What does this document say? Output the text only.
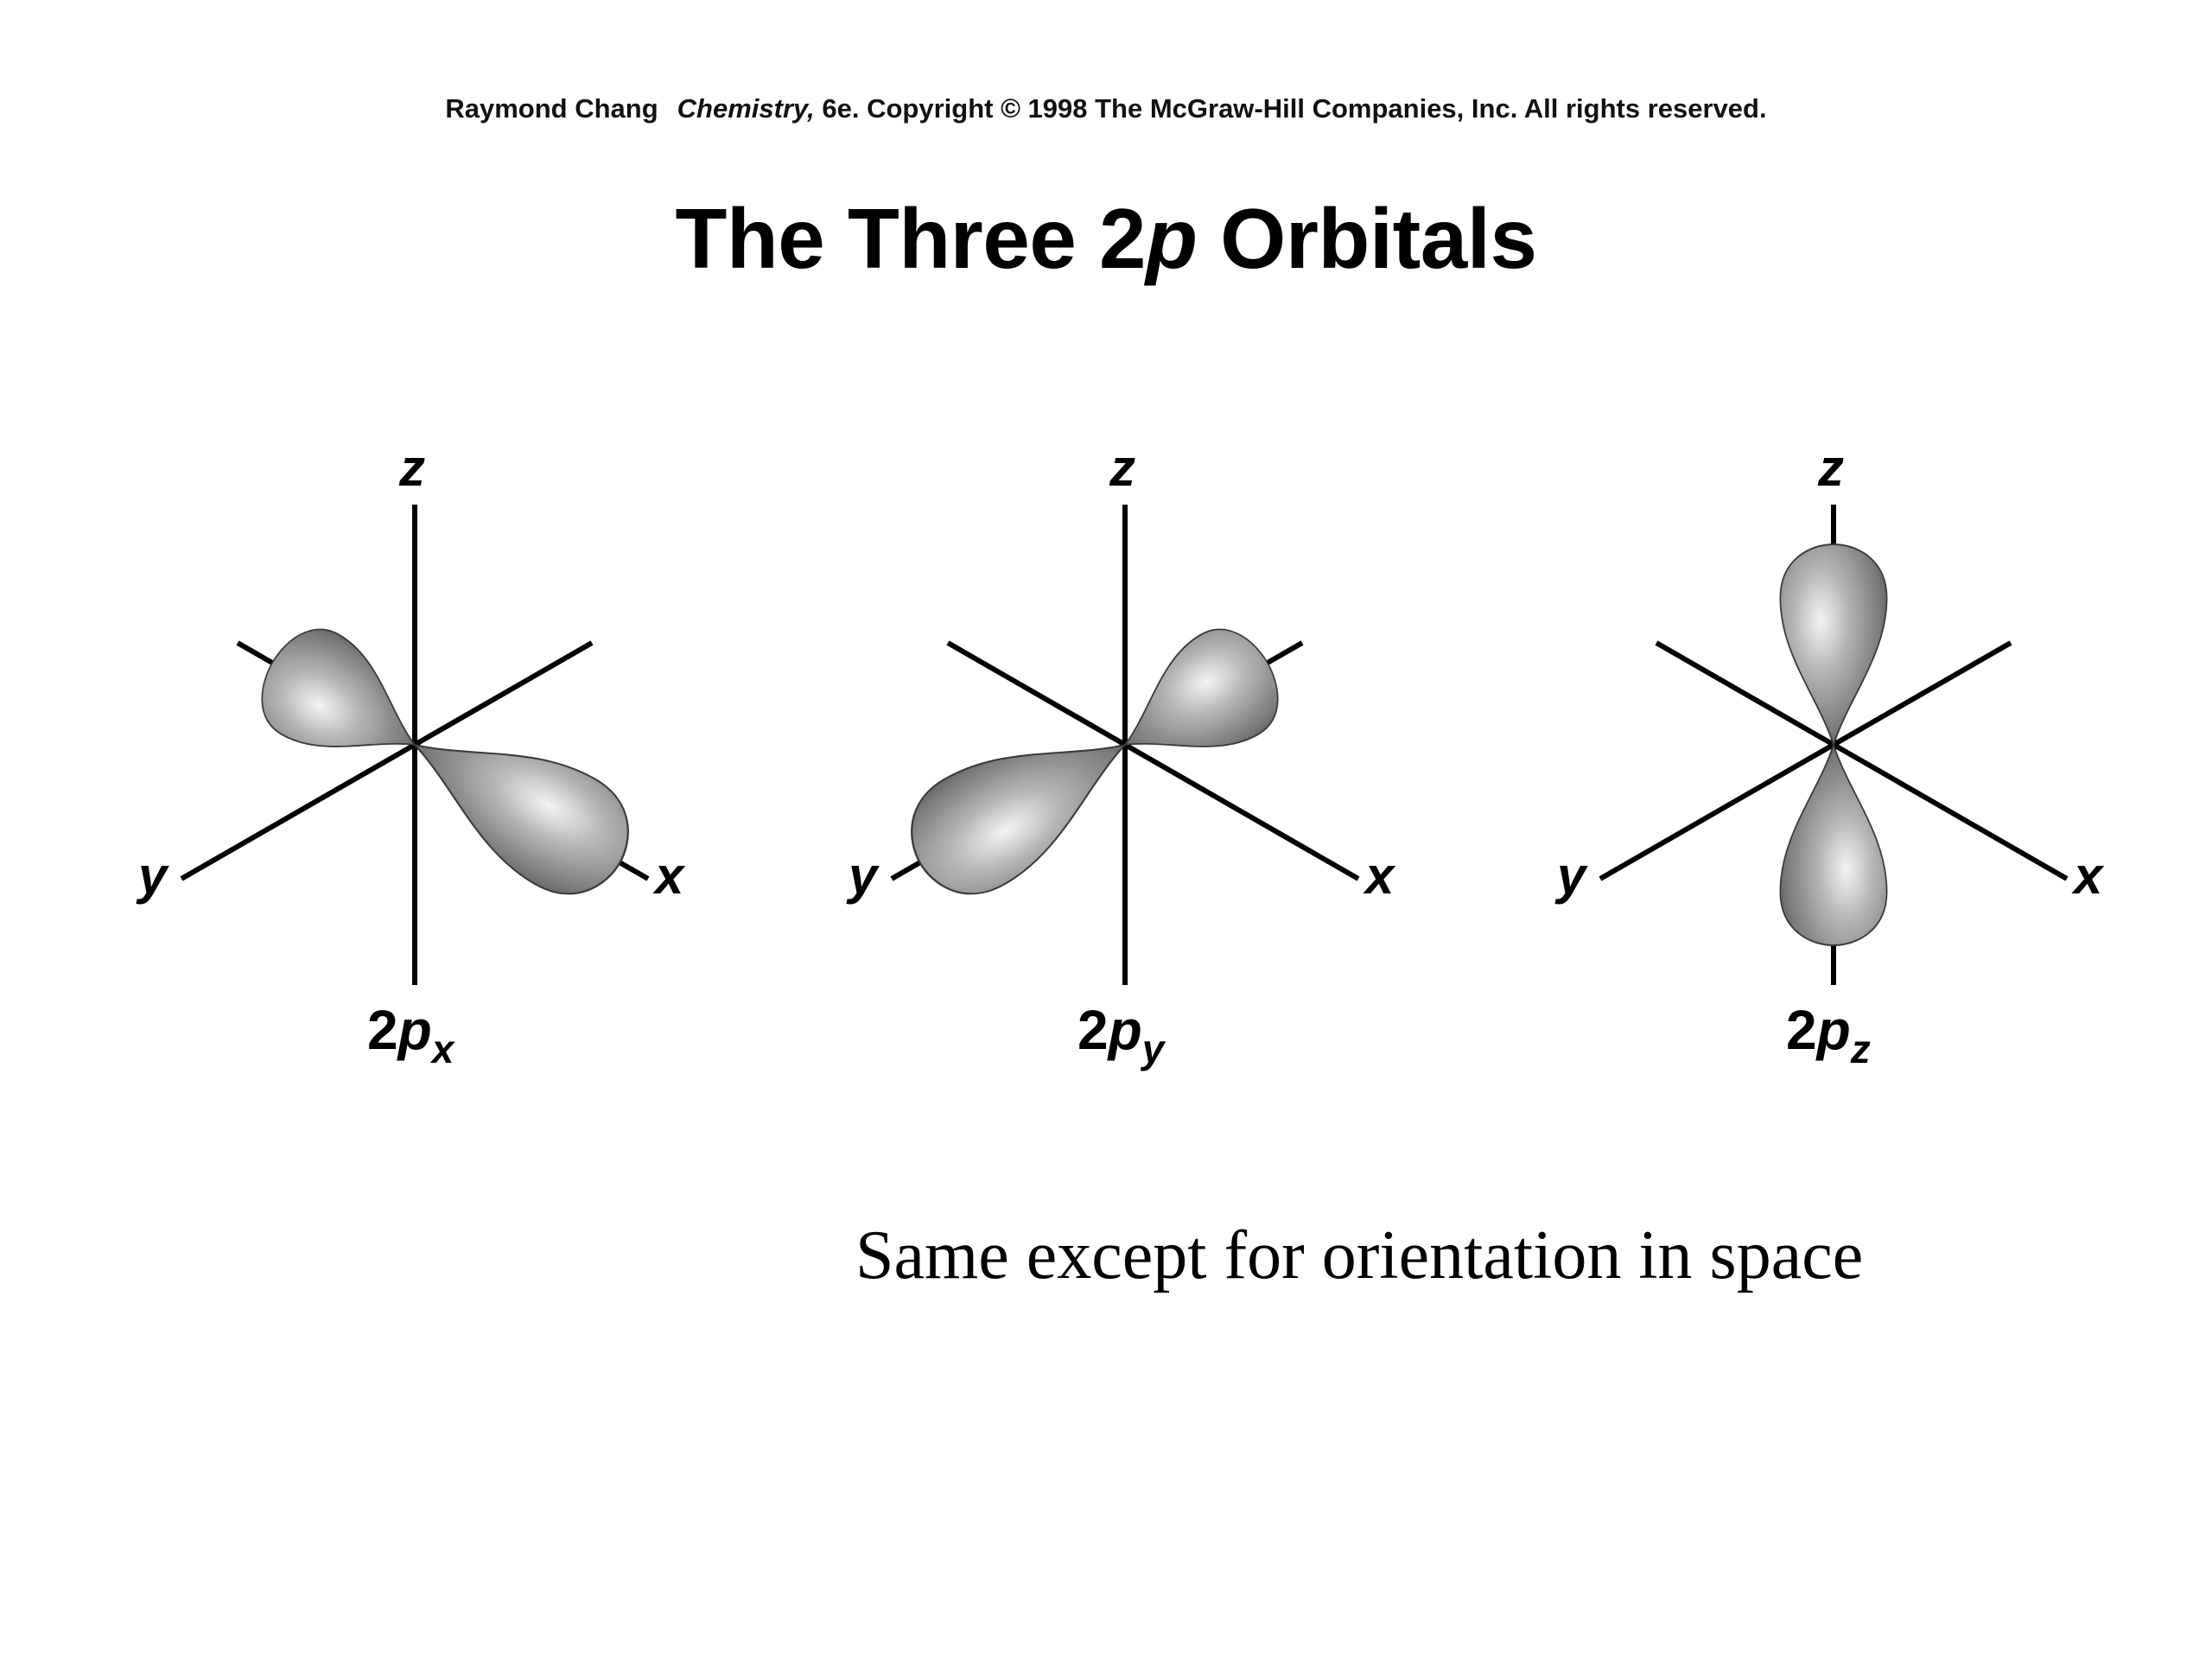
Raymond Chang Chemistry, 6e. Copyright © 1998 The McGraw-Hill Companies, Inc. All rights reserved.
The Three 2p Orbitals
z
y	x
$2p_x$
z
y	x
$2p_y$
z
y	x
$2p_z$
Same except for orientation in space
